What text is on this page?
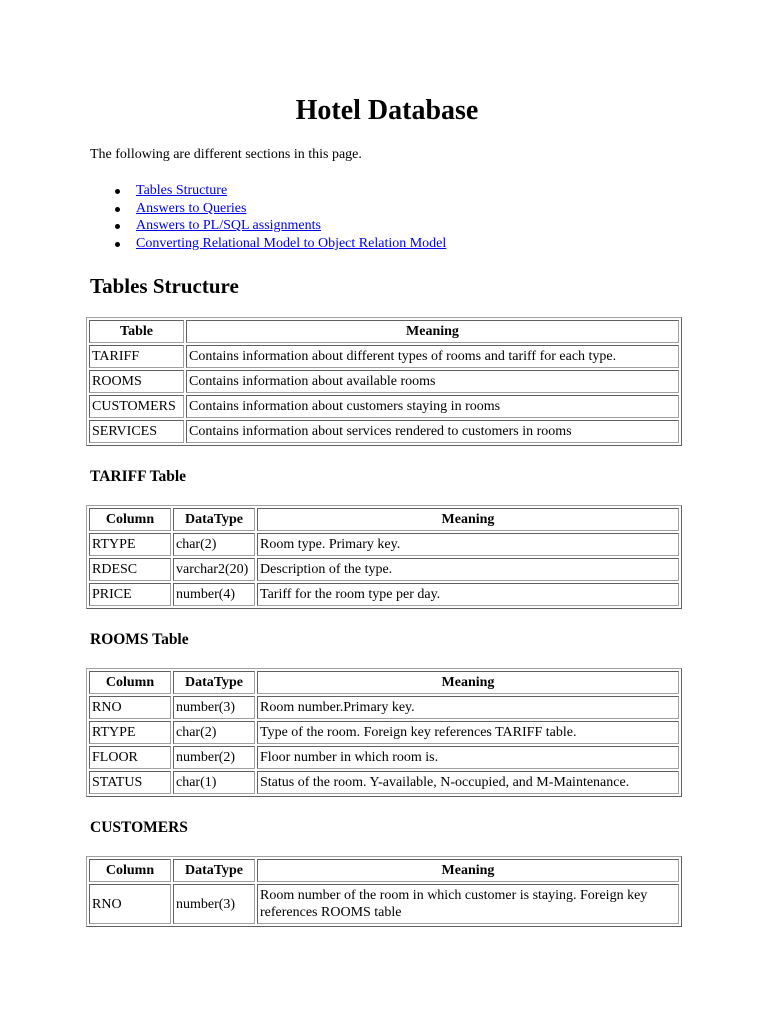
Hotel Database

The following are different sections in this page.

Tables Structure
Answers to Queries
Answers to PL/SQL assignments
Converting Relational Model to Object Relation Model
Tables Structure
Table	Meaning
TARIFF	Contains information about different types of rooms and tariff for each type.
ROOMS	Contains information about available rooms
CUSTOMERS	Contains information about customers staying in rooms
SERVICES	Contains information about services rendered to customers in rooms
TARIFF Table
Column	DataType	Meaning
RTYPE	char(2)	Room type. Primary key.
RDESC	varchar2(20)	Description of the type.
PRICE	number(4)	Tariff for the room type per day.
ROOMS Table
Column	DataType	Meaning
RNO	number(3)	Room number.Primary key.
RTYPE	char(2)	Type of the room. Foreign key references TARIFF table.
FLOOR	number(2)	Floor number in which room is.
STATUS	char(1)	Status of the room. Y-available, N-occupied, and M-Maintenance.
CUSTOMERS
Column	DataType	Meaning
RNO	number(3)	Room number of the room in which customer is staying. Foreign key references ROOMS table
